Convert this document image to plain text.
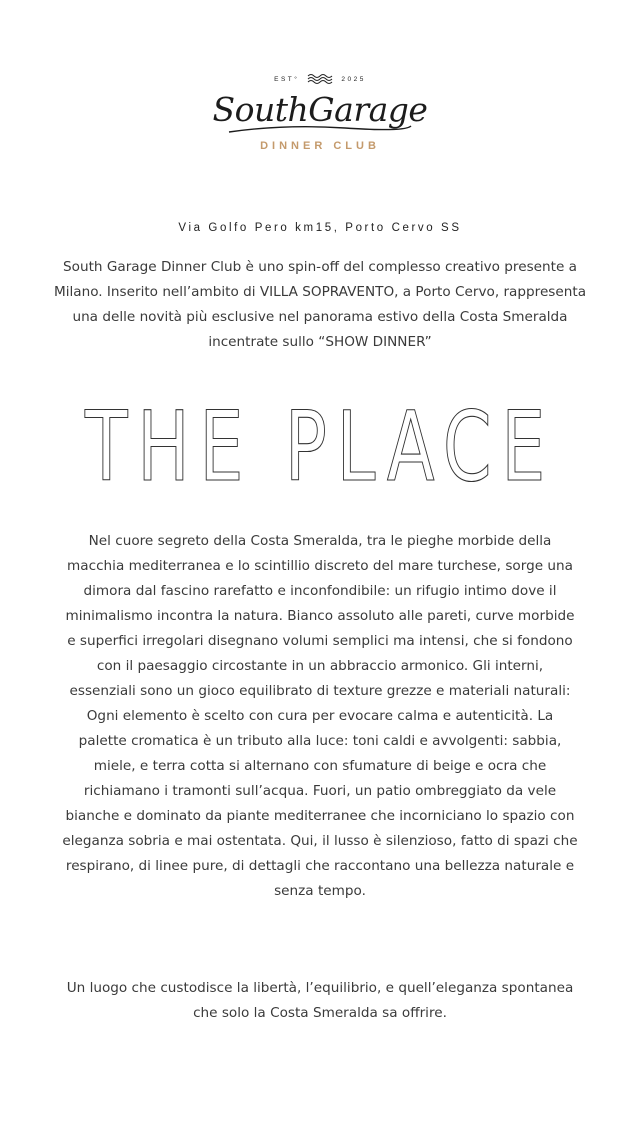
EST°	2025
SouthGarage
DINNER CLUB
Via Golfo Pero km15, Porto Cervo SS

South Garage Dinner Club è uno spin-off del complesso creativo presente a Milano. Inserito nell’ambito di VILLA SOPRAVENTO, a Porto Cervo, rappresenta una delle novità più esclusive nel panorama estivo della Costa Smeralda incentrate sullo “SHOW DINNER”

THE PLACE

Nel cuore segreto della Costa Smeralda, tra le pieghe morbide della macchia mediterranea e lo scintillio discreto del mare turchese, sorge una dimora dal fascino rarefatto e inconfondibile: un rifugio intimo dove il minimalismo incontra la natura. Bianco assoluto alle pareti, curve morbide e superfici irregolari disegnano volumi semplici ma intensi, che si fondono con il paesaggio circostante in un abbraccio armonico. Gli interni, essenziali sono un gioco equilibrato di texture grezze e materiali naturali: Ogni elemento è scelto con cura per evocare calma e autenticità. La palette cromatica è un tributo alla luce: toni caldi e avvolgenti: sabbia, miele, e terra cotta si alternano con sfumature di beige e ocra che richiamano i tramonti sull’acqua. Fuori, un patio ombreggiato da vele bianche e dominato da piante mediterranee che incorniciano lo spazio con eleganza sobria e mai ostentata. Qui, il lusso è silenzioso, fatto di spazi che respirano, di linee pure, di dettagli che raccontano una bellezza naturale e senza tempo.

Un luogo che custodisce la libertà, l’equilibrio, e quell’eleganza spontanea che solo la Costa Smeralda sa offrire.
